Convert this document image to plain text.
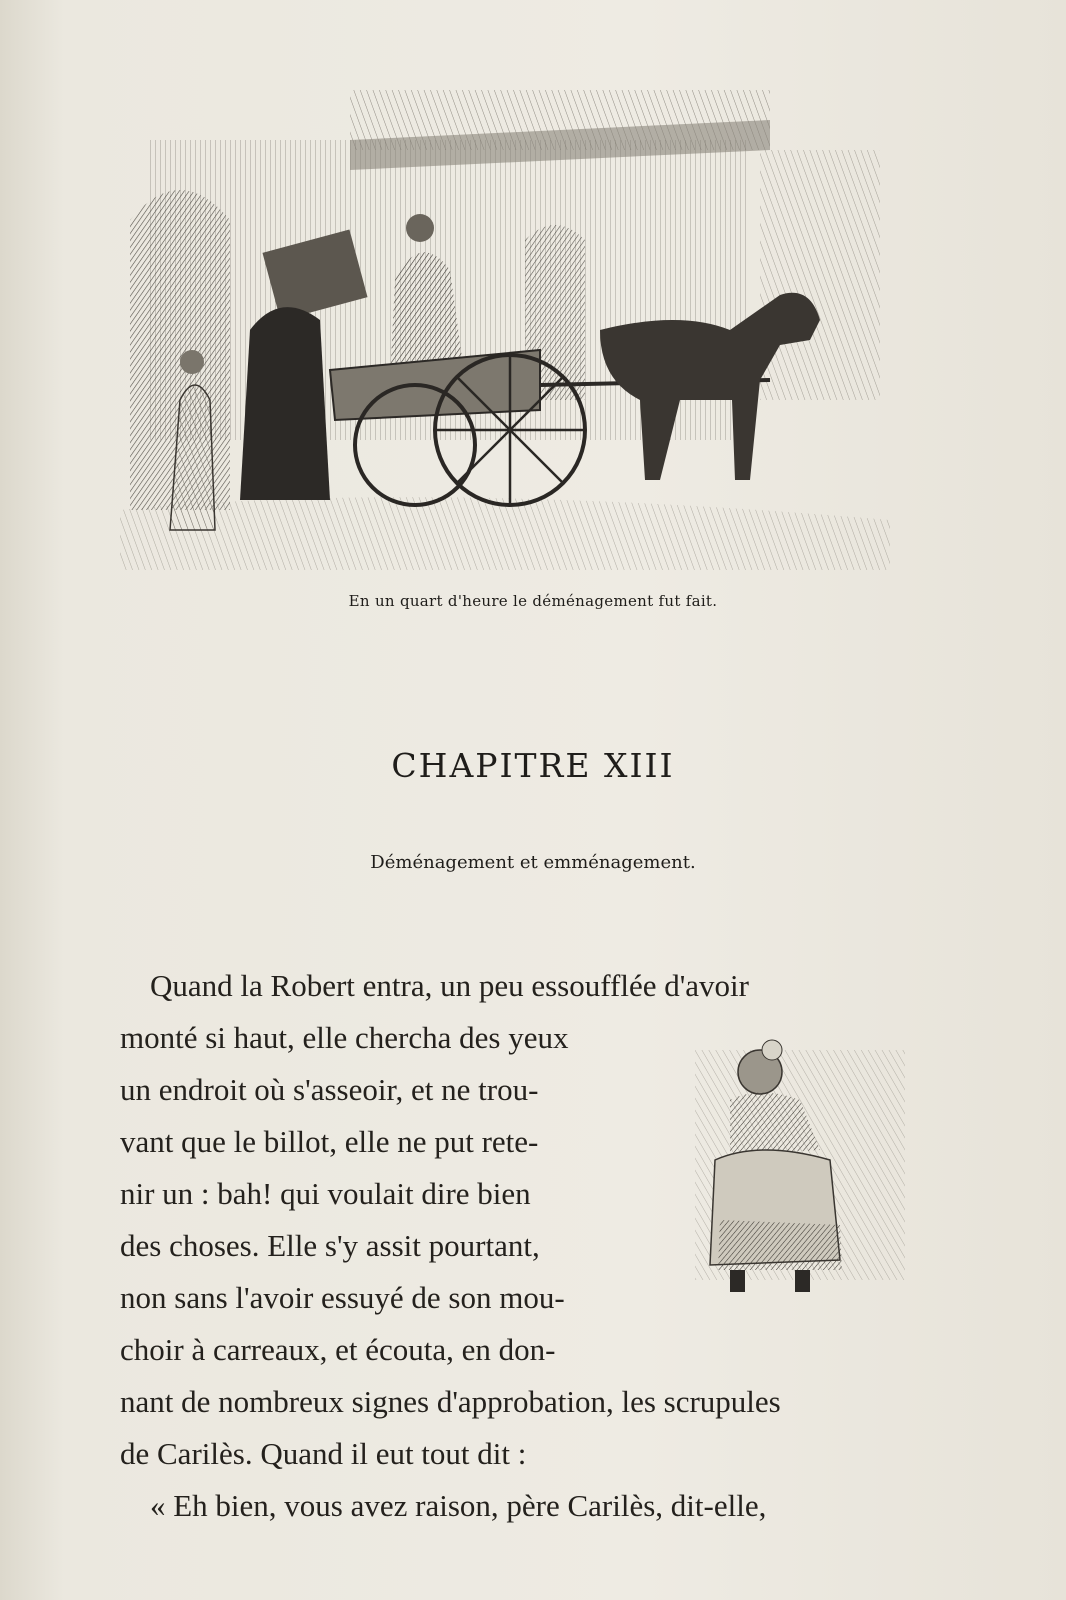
En un quart d'heure le déménagement fut fait.
CHAPITRE XIII
Déménagement et emménagement.
Quand la Robert entra, un peu essoufflée d'avoir
monté si haut, elle chercha des yeux
un endroit où s'asseoir, et ne trou-
vant que le billot, elle ne put rete-
nir un : bah! qui voulait dire bien
des choses. Elle s'y assit pourtant,
non sans l'avoir essuyé de son mou-
choir à carreaux, et écouta, en don-
nant de nombreux signes d'approbation, les scrupules
de Carilès. Quand il eut tout dit :
« Eh bien, vous avez raison, père Carilès, dit-elle,
